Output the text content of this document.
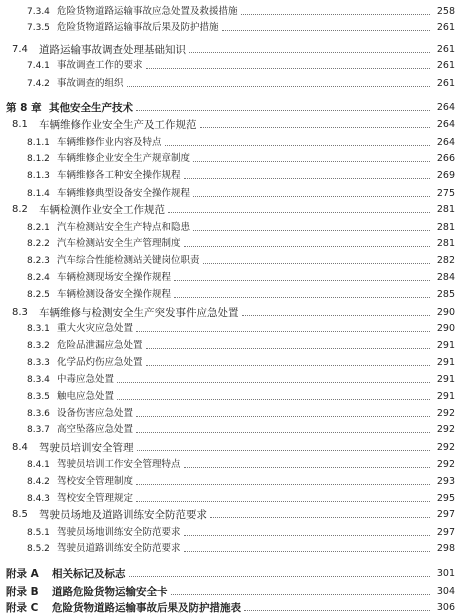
7.3.4 危险货物道路运输事故应急处置及救援措施	258
7.3.5 危险货物道路运输事故后果及防护措施	261
7.4	道路运输事故调查处理基础知识	261
7.4.1 事故调查工作的要求	261
7.4.2 事故调查的组织	261
第 8 章 其他安全生产技术	264
8.1	车辆维修作业安全生产及工作规范	264
8.1.1 车辆维修作业内容及特点	264
8.1.2 车辆维修企业安全生产规章制度	266
8.1.3 车辆维修各工种安全操作规程	269
8.1.4 车辆维修典型设备安全操作规程	275
8.2	车辆检测作业安全工作规范	281
8.2.1 汽车检测站安全生产特点和隐患	281
8.2.2 汽车检测站安全生产管理制度	281
8.2.3 汽车综合性能检测站关键岗位职责	282
8.2.4 车辆检测现场安全操作规程	284
8.2.5 车辆检测设备安全操作规程	285
8.3	车辆维修与检测安全生产突发事件应急处置	290
8.3.1 重大火灾应急处置	290
8.3.2 危险品泄漏应急处置	291
8.3.3 化学品灼伤应急处置	291
8.3.4 中毒应急处置	291
8.3.5 触电应急处置	291
8.3.6 设备伤害应急处置	292
8.3.7 高空坠落应急处置	292
8.4	驾驶员培训安全管理	292
8.4.1 驾驶员培训工作安全管理特点	292
8.4.2 驾校安全管理制度	293
8.4.3 驾校安全管理规定	295
8.5	驾驶员场地及道路训练安全防范要求	297
8.5.1 驾驶员场地训练安全防范要求	297
8.5.2 驾驶员道路训练安全防范要求	298
附录 A	相关标记及标志	301
附录 B	道路危险货物运输安全卡	304
附录 C	危险货物道路运输事故后果及防护措施表	306
